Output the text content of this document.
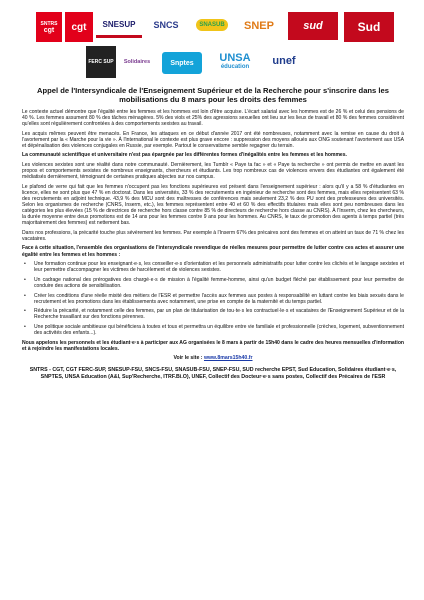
SNTRS
cgt cgt SNESUP SNCS	SNASUB SNEP	sud	Sud
FERC SUP Solidaires	Snptes UNSA
éducation unef
Appel de l'Intersyndicale de l'Enseignement Supérieur et de la Recherche pour s'inscrire dans les mobilisations du 8 mars pour les droits des femmes

Le contexte actuel démontre que l'égalité entre les femmes et les hommes est loin d'être acquise. L'écart salarial avec les hommes est de 26 % et celui des pensions de 40 %. Les femmes assument 80 % des tâches ménagères. 5% des viols et 25% des agressions sexuelles ont lieu sur les lieux de travail et 80 % des femmes considèrent qu'elles sont régulièrement confrontées à des comportements sexistes au travail.

Les acquis mêmes peuvent être menacés. En France, les attaques en ce début d'année 2017 ont été nombreuses, notamment avec la remise en cause du droit à l'avortement par la « Marche pour la vie ». À l'international le contexte est plus grave encore : suppression des moyens alloués aux ONG soutenant l'avortement aux USA et dépénalisation des violences conjugales en Russie, par exemple. Partout le conservatisme semble regagner du terrain.

La communauté scientifique et universitaire n'est pas épargnée par les différentes formes d'inégalités entre les femmes et les hommes.

Les violences sexistes sont une réalité dans notre communauté. Dernièrement, les Tumblr « Paye ta fac » et « Paye ta recherche » ont permis de mettre en avant les propos et comportements sexistes de nombreux enseignants, chercheurs et étudiants. Les trop nombreux cas de violences envers des étudiantes ont également été médiatisés dernièrement, témoignant de certaines pratiques abjectes sur nos campus.

Le plafond de verre qui fait que les femmes n'occupent pas les fonctions supérieures est présent dans l'enseignement supérieur : alors qu'il y a 58 % d'étudiantes en licence, elles ne sont plus que 47 % en doctorat. Dans les universités, 33 % des recrutements en ingénieur de recherche sont des femmes, mais elles représentent 63 % des recrutements en adjoint technique. 43,9 % des MCU sont des maîtresses de conférences mais seulement 23,2 % des PU sont des professeures des universités. Selon les organismes de recherche (CNRS, Inserm, etc.), les femmes représentent entre 40 et 60 % des effectifs titulaires mais elles sont peu nombreuses dans les catégories les plus élevées (15 % de directrices de recherche hors classe contre 85 % de directeurs de recherche hors classe au CNRS). À l'Inserm, chez les chercheurs, la durée moyenne entre deux promotions est de 14 ans pour les femmes contre 9 ans pour les hommes. Au CNRS, le taux de promotion des agents à temps partiel (très majoritairement des femmes) est nettement bas.

Dans nos professions, la précarité touche plus sévèrement les femmes. Par exemple à l'Inserm 67% des précaires sont des femmes et on atteint un taux de 71 % chez les vacataires.

Face à cette situation, l'ensemble des organisations de l'intersyndicale revendique de réelles mesures pour permettre de lutter contre ces actes et assurer une égalité entre les femmes et les hommes :

• Une formation continue pour les enseignant·e·s, les conseiller·e·s d'orientation et les personnels administratifs pour lutter contre les clichés et le langage sexistes et leur permettre d'accompagner les victimes de harcèlement et de violences sexistes.
• Un cadrage national des prérogatives des chargé·e·s de mission à l'égalité femme-homme, ainsi qu'un budget fléché par établissement pour leur permettre de conduire des actions de sensibilisation.
• Créer les conditions d'une réelle mixité des métiers de l'ESR et permettre l'accès aux femmes aux postes à responsabilité en luttant contre les biais sexués dans le recrutement et les promotions dans les établissements avec notamment, une prise en compte de la maternité et du temps partiel.
• Réduire la précarité, et notamment celle des femmes, par un plan de titularisation de tou·te·s les contractuel·le·s et vacataires de l'Enseignement Supérieur et de la Recherche travaillant sur des fonctions pérennes.
• Une politique sociale ambitieuse qui bénéficiera à toutes et tous et permettra un équilibre entre vie familiale et professionnelle (crèches, logement, subventionnement des activités des enfants...).

Nous appelons les personnels et les étudiant·e·s à participer aux AG organisées le 8 mars à partir de 15h40 dans le cadre des heures mensuelles d'information et à rejoindre les manifestations locales.

Voir le site : www.8mars15h40.fr

SNTRS - CGT, CGT FERC-SUP, SNESUP-FSU, SNCS-FSU, SNASUB-FSU, SNEP-FSU, SUD recherche EPST, Sud Education, Solidaires étudiant·e·s, SNPTES, UNSA Education (A&I, Sup'Recherche, ITRF.Bi.O), UNEF, Collectif des Docteur·e·s sans postes, Collectif des Précaires de l'ESR
